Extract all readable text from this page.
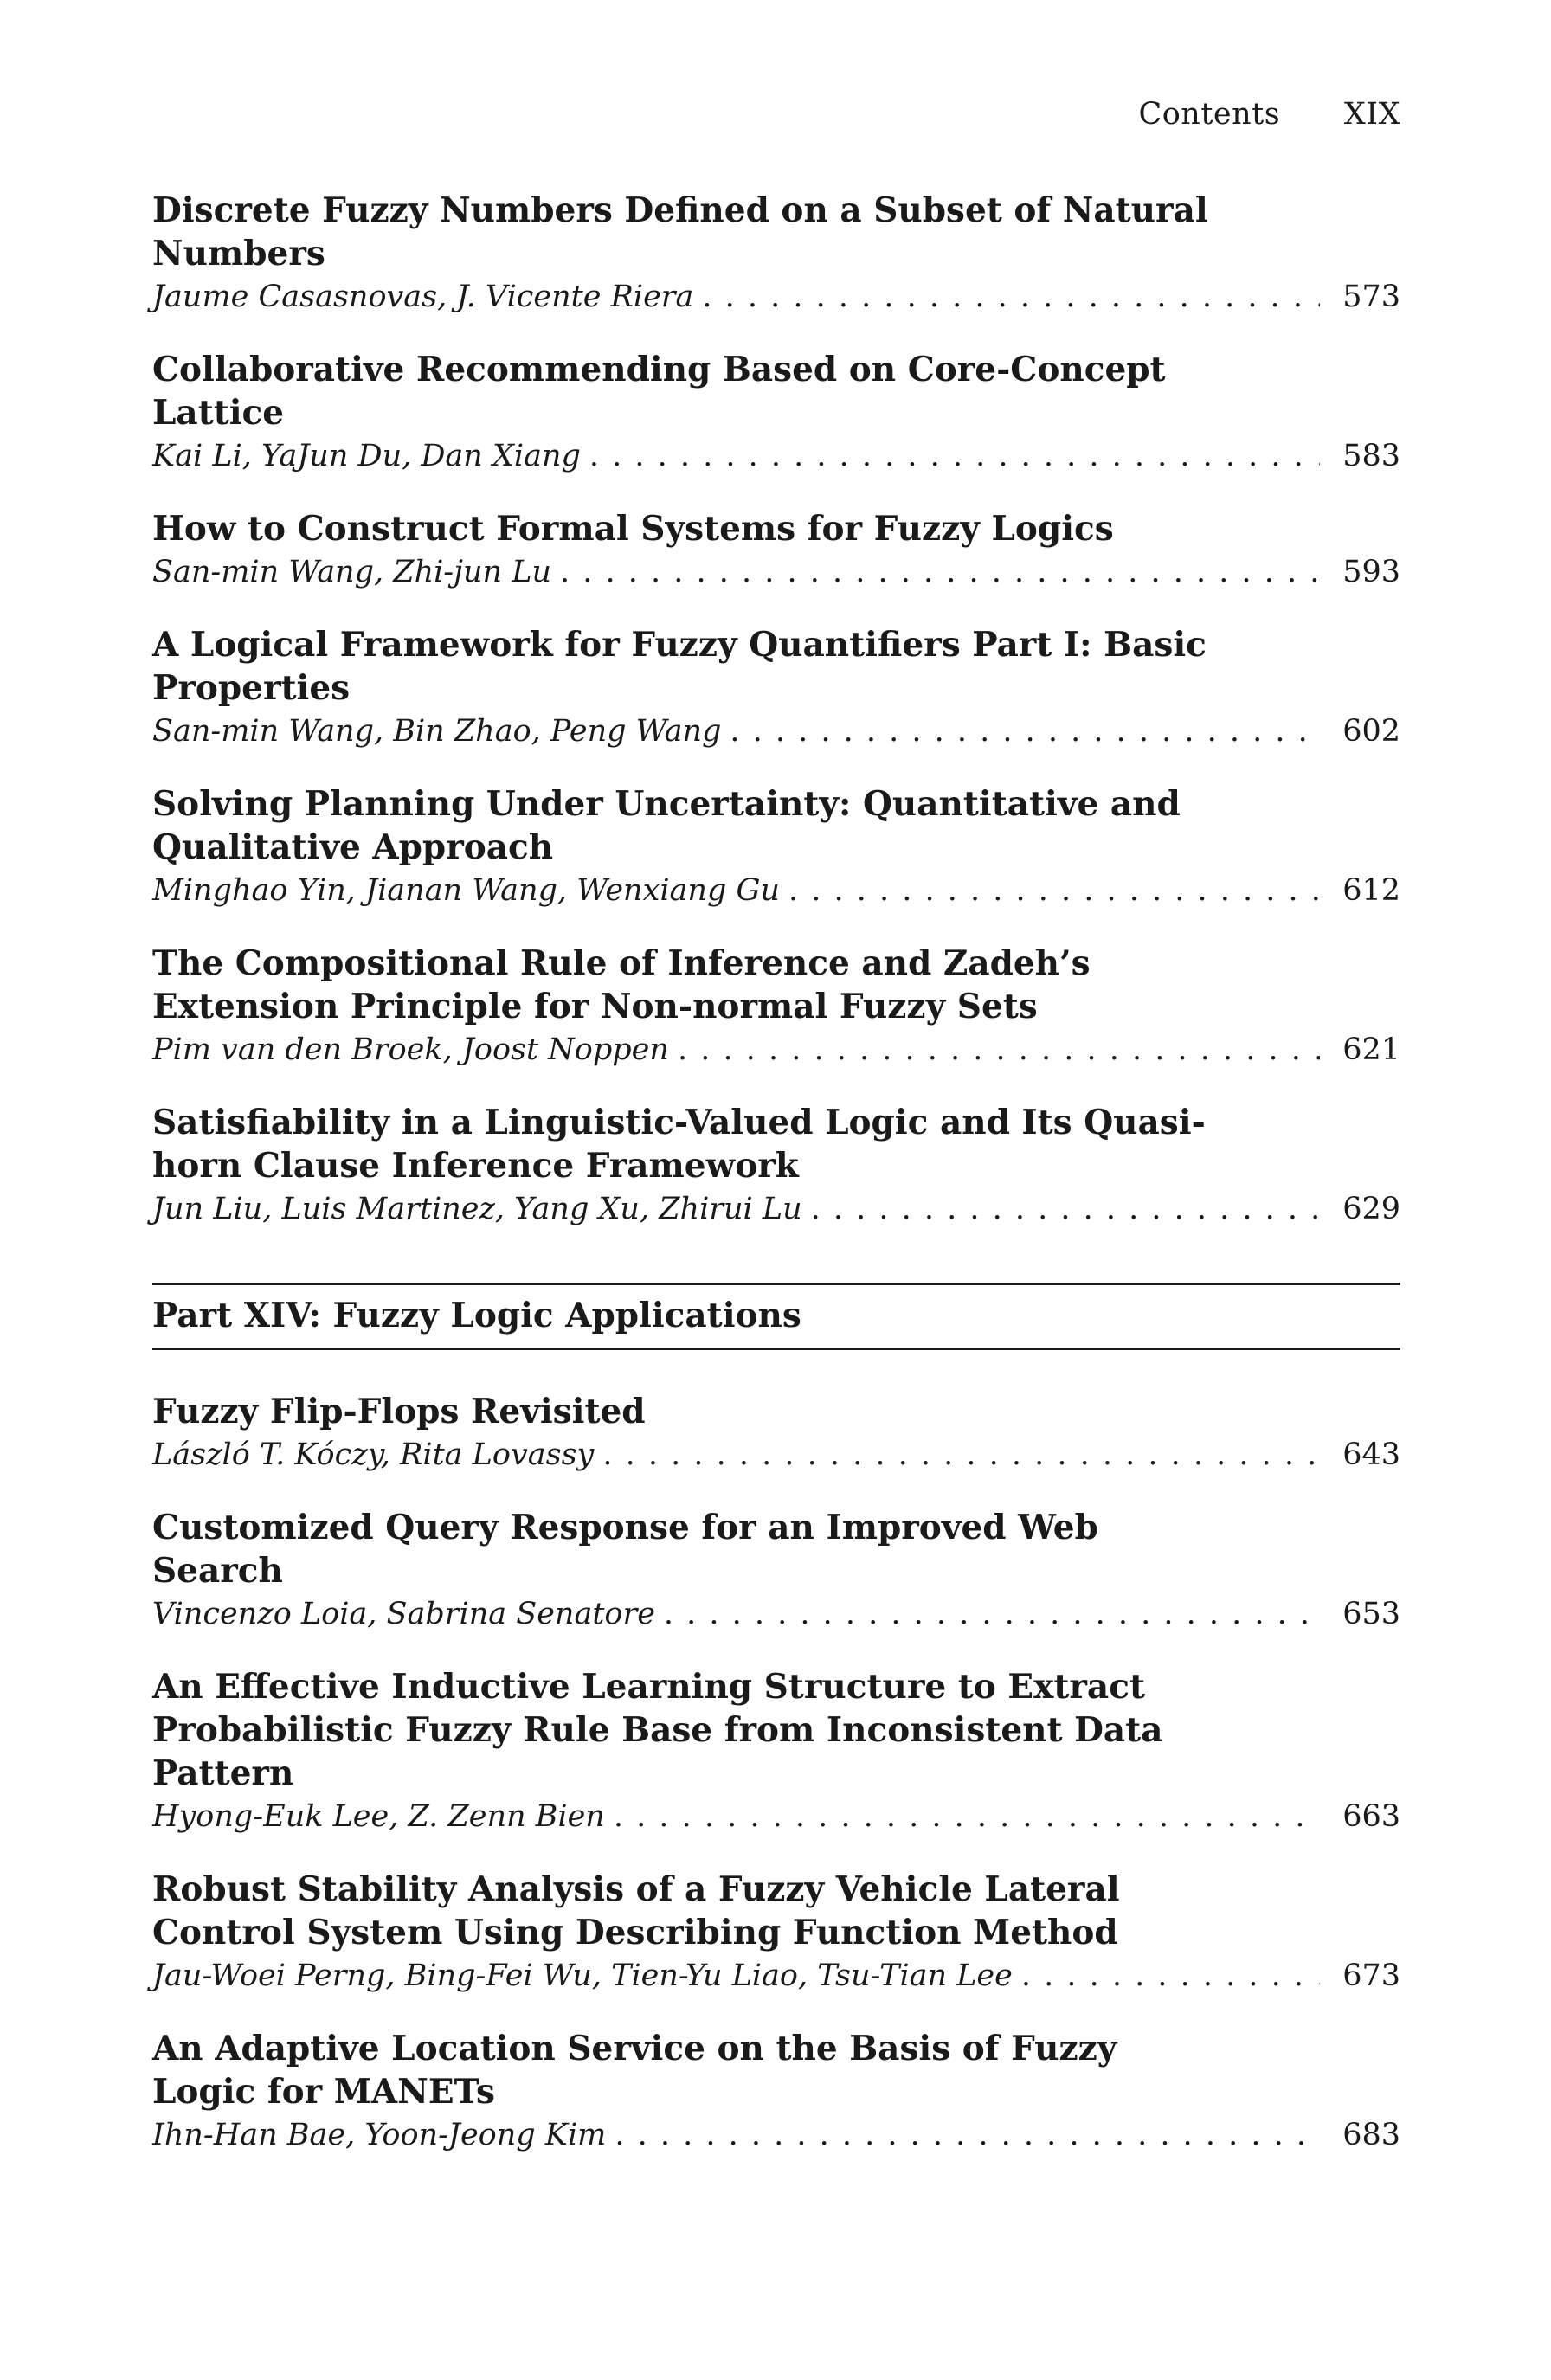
Contents XIX

Discrete Fuzzy Numbers Defined on a Subset of Natural Numbers

Jaume Casasnovas, J. Vicente Riera . . .	573

Collaborative Recommending Based on Core-Concept Lattice

Kai Li, YaJun Du, Dan Xiang . . .	583

How to Construct Formal Systems for Fuzzy Logics

San-min Wang, Zhi-jun Lu . . .	593

A Logical Framework for Fuzzy Quantifiers Part I: Basic Properties

San-min Wang, Bin Zhao, Peng Wang . . .	602

Solving Planning Under Uncertainty: Quantitative and Qualitative Approach

Minghao Yin, Jianan Wang, Wenxiang Gu . . .	612

The Compositional Rule of Inference and Zadeh’s Extension Principle for Non-normal Fuzzy Sets

Pim van den Broek, Joost Noppen . . .	621

Satisfiability in a Linguistic-Valued Logic and Its Quasi-horn Clause Inference Framework

Jun Liu, Luis Martinez, Yang Xu, Zhirui Lu . . .	629

Part XIV: Fuzzy Logic Applications

Fuzzy Flip-Flops Revisited

László T. Kóczy, Rita Lovassy . . .	643

Customized Query Response for an Improved Web Search

Vincenzo Loia, Sabrina Senatore . . .	653

An Effective Inductive Learning Structure to Extract Probabilistic Fuzzy Rule Base from Inconsistent Data Pattern

Hyong-Euk Lee, Z. Zenn Bien . . .	663

Robust Stability Analysis of a Fuzzy Vehicle Lateral Control System Using Describing Function Method

Jau-Woei Perng, Bing-Fei Wu, Tien-Yu Liao, Tsu-Tian Lee . . .	673

An Adaptive Location Service on the Basis of Fuzzy Logic for MANETs

Ihn-Han Bae, Yoon-Jeong Kim . . .	683
